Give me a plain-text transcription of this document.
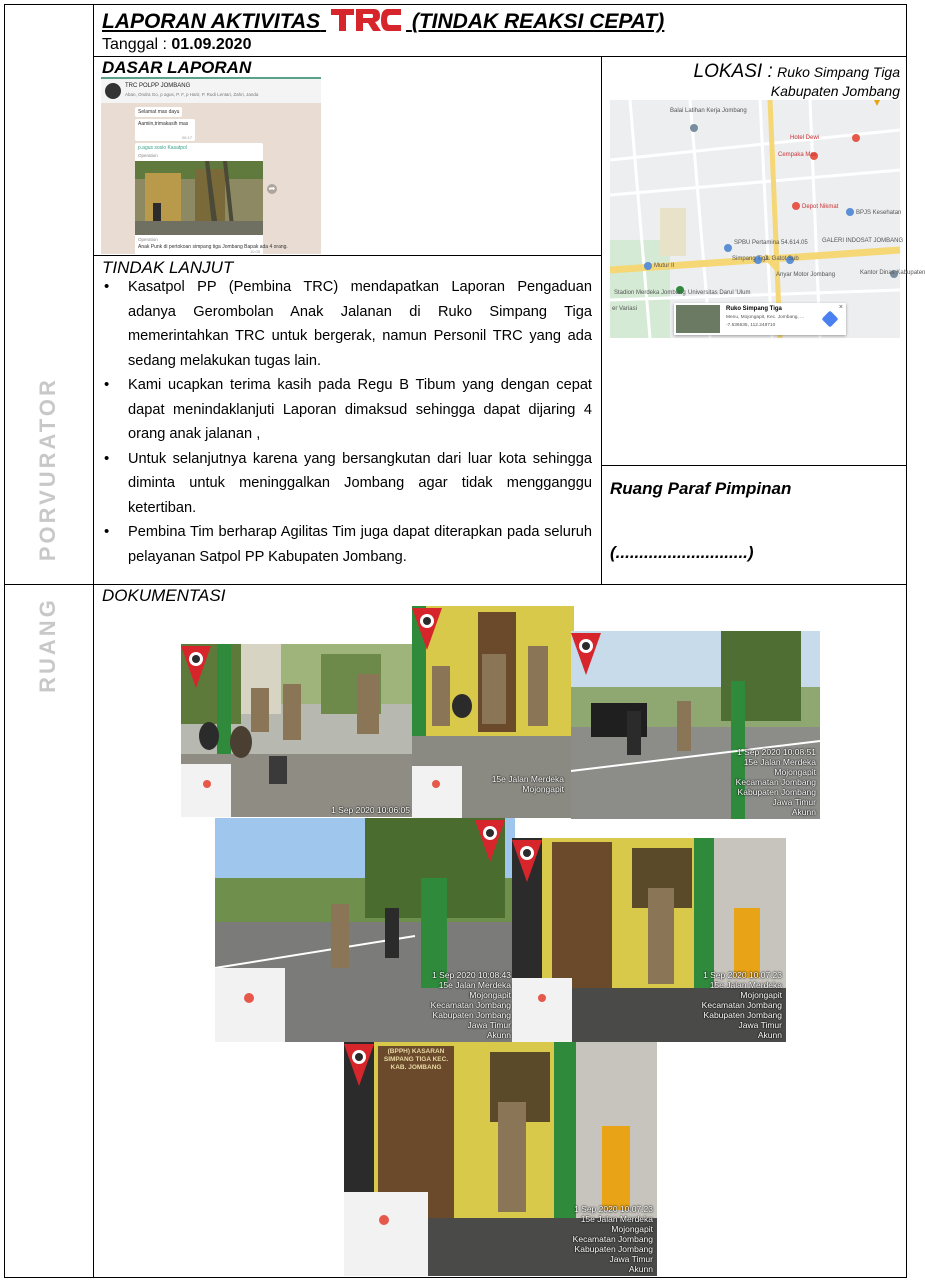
RUANGPORVURATOR
LAPORAN AKTIVITAS	(TINDAK REAKSI CEPAT)
Tanggal : 01.09.2020
DASAR LAPORAN
TRC POLPP JOMBANG
Aban, Ondra Go, p agus, P. F, p Harir, P. Rudi Lentari, Zahri, Janda
Selamat mas dayu
Aamiin,trimakasih mas
06.17
p.agus sosio Kasatpol
Operation
Operation
Anak Punk di pertokoan simpang tiga Jombang Bapak ada 4 orang.
10.05
➦
TINDAK LANJUT
• Kasatpol PP (Pembina TRC) mendapatkan Laporan Pengaduan adanya Gerombolan Anak Jalanan di Ruko Simpang Tiga memerintahkan TRC untuk bergerak, namun Personil TRC yang ada sedang melakukan tugas lain.
• Kami ucapkan terima kasih pada Regu B Tibum yang dengan cepat dapat menindaklanjuti Laporan dimaksud sehingga dapat dijaring 4 orang anak jalanan ,
• Untuk selanjutnya karena yang bersangkutan dari luar kota sehingga diminta untuk meninggalkan Jombang agar tidak mengganggu ketertiban.
• Pembina Tim berharap Agilitas Tim juga dapat diterapkan pada seluruh pelayanan Satpol PP Kabupaten Jombang.
LOKASI : Ruko Simpang Tiga
Kabupaten Jombang
Balai Latihan Kerja Jombang
Hotel Dewi
Cempaka Mas
Depot Nikmat
BPJS Kesehatan
SPBU Pertamina 54.614.05 GALERI INDOSAT JOMBANG
Simpang Tiga
Mutur II
Anyar Motor Jombang	Kantor Dinas Kabupaten
Stadion Merdeka Jombang Universitas Darul 'Ulum
Jl. Gatot Sub
er Variasi	Ruko Simpang Tiga
Menu, Mojongapit, Kec. Jombang, ...
-7.536635, 112.248710
×
Ruang Paraf Pimpinan
(............................)
DOKUMENTASI
1 Sep 2020 10:06:05
15e Jalan Merdeka
Mojongapit
1 Sep 2020 10:08:51
15e Jalan Merdeka
Mojongapit
Kecamatan Jombang
Kabupaten Jombang
Jawa Timur
Akunn
1 Sep 2020 10:08:43
15e Jalan Merdeka
Mojongapit
Kecamatan Jombang
Kabupaten Jombang
Jawa Timur
Akunn
1 Sep 2020 10:07:23
15e Jalan Merdeka
Mojongapit
Kecamatan Jombang
Kabupaten Jombang
Jawa Timur
Akunn
1 Sep 2020 10:07:23
15e Jalan Merdeka
Mojongapit
Kecamatan Jombang
Kabupaten Jombang
Jawa Timur
Akunn
(BPPH) KASARAN SIMPANG TIGA KEC. KAB. JOMBANG
